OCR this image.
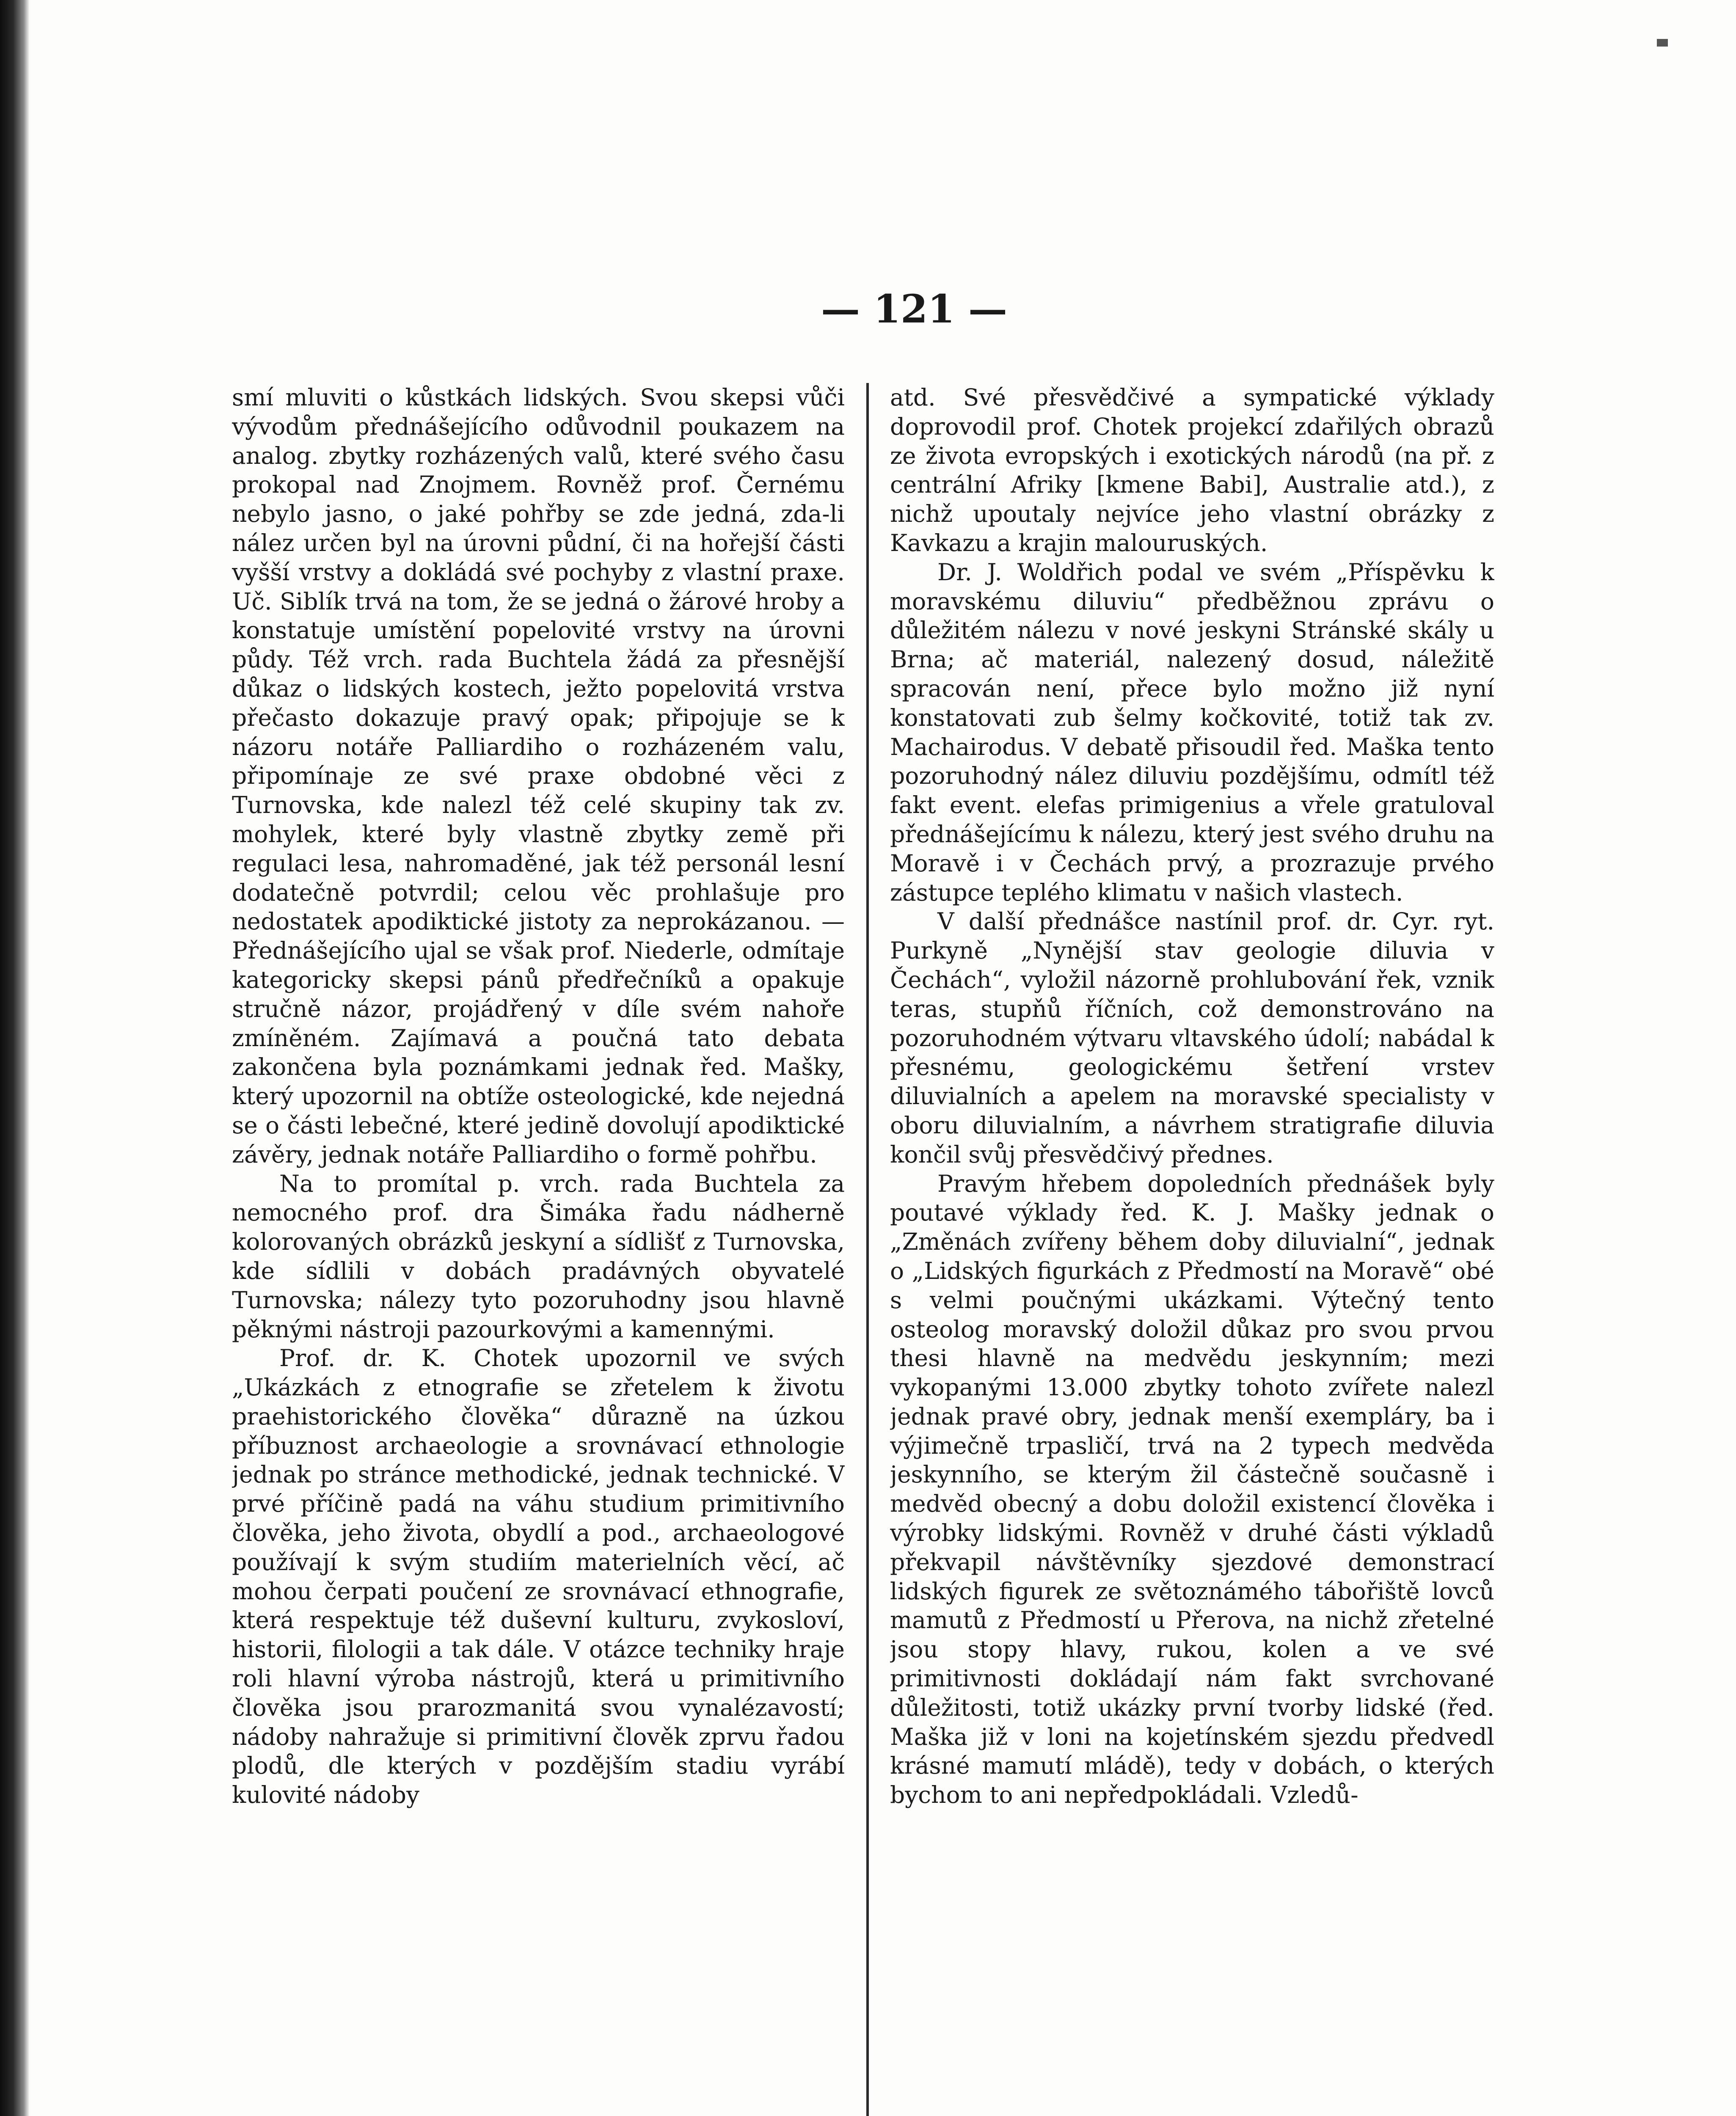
— 121 —

smí mluviti o kůstkách lidských. Svou skepsi vůči vývodům přednášejícího odůvodnil poukazem na analog. zbytky rozházených valů, které svého času prokopal nad Znojmem. Rovněž prof. Černému nebylo jasno, o jaké pohřby se zde jedná, zda-li nález určen byl na úrovni půdní, či na hořejší části vyšší vrstvy a dokládá své pochyby z vlastní praxe. Uč. Siblík trvá na tom, že se jedná o žárové hroby a konstatuje umístění popelovité vrstvy na úrovni půdy. Též vrch. rada Buchtela žádá za přesnější důkaz o lidských kostech, ježto popelovitá vrstva přečasto dokazuje pravý opak; připojuje se k názoru notáře Palliardiho o rozházeném valu, připomínaje ze své praxe obdobné věci z Turnovska, kde nalezl též celé skupiny tak zv. mohylek, které byly vlastně zbytky země při regulaci lesa, nahromaděné, jak též personál lesní dodatečně potvrdil; celou věc prohlašuje pro nedostatek apodiktické jistoty za neprokázanou. — Přednášejícího ujal se však prof. Niederle, odmítaje kategoricky skepsi pánů předřečníků a opakuje stručně názor, projádřený v díle svém nahoře zmíněném. Zajímavá a poučná tato debata zakončena byla poznámkami jednak řed. Mašky, který upozornil na obtíže osteologické, kde nejedná se o části lebečné, které jedině dovolují apodiktické závěry, jednak notáře Palliardiho o formě pohřbu.

Na to promítal p. vrch. rada Buchtela za nemocného prof. dra Šimáka řadu nádherně kolorovaných obrázků jeskyní a sídlišť z Turnovska, kde sídlili v dobách pradávných obyvatelé Turnovska; nálezy tyto pozoruhodny jsou hlavně pěknými nástroji pazourkovými a kamennými.

Prof. dr. K. Chotek upozornil ve svých „Ukázkách z etnografie se zřetelem k životu praehistorického člověka“ důrazně na úzkou příbuznost archaeologie a srovnávací ethnologie jednak po stránce methodické, jednak technické. V prvé příčině padá na váhu studium primitivního člověka, jeho života, obydlí a pod., archaeologové používají k svým studiím materielních věcí, ač mohou čerpati poučení ze srovnávací ethnografie, která respektuje též duševní kulturu, zvykosloví, historii, filologii a tak dále. V otázce techniky hraje roli hlavní výroba nástrojů, která u primitivního člověka jsou prarozmanitá svou vynalézavostí; nádoby nahražuje si primitivní člověk zprvu řadou plodů, dle kterých v pozdějším stadiu vyrábí kulovité nádoby

atd. Své přesvědčivé a sympatické výklady doprovodil prof. Chotek projekcí zdařilých obrazů ze života evropských i exotických národů (na př. z centrální Afriky [kmene Babi], Australie atd.), z nichž upoutaly nejvíce jeho vlastní obrázky z Kavkazu a krajin malouruských.

Dr. J. Woldřich podal ve svém „Příspěvku k moravskému diluviu“ předběžnou zprávu o důležitém nálezu v nové jeskyni Stránské skály u Brna; ač materiál, nalezený dosud, náležitě spracován není, přece bylo možno již nyní konstatovati zub šelmy kočkovité, totiž tak zv. Machairodus. V debatě přisoudil řed. Maška tento pozoruhodný nález diluviu pozdějšímu, odmítl též fakt event. elefas primigenius a vřele gratuloval přednášejícímu k nálezu, který jest svého druhu na Moravě i v Čechách prvý, a prozrazuje prvého zástupce teplého klimatu v našich vlastech.

V další přednášce nastínil prof. dr. Cyr. ryt. Purkyně „Nynější stav geologie diluvia v Čechách“, vyložil názorně prohlubování řek, vznik teras, stupňů říčních, což demonstrováno na pozoruhodném výtvaru vltavského údolí; nabádal k přesnému, geologickému šetření vrstev diluvialních a apelem na moravské specialisty v oboru diluvialním, a návrhem stratigrafie diluvia končil svůj přesvědčivý přednes.

Pravým hřebem dopoledních přednášek byly poutavé výklady řed. K. J. Mašky jednak o „Změnách zvířeny během doby diluvialní“, jednak o „Lidských figurkách z Předmostí na Moravě“ obé s velmi poučnými ukázkami. Výtečný tento osteolog moravský doložil důkaz pro svou prvou thesi hlavně na medvědu jeskynním; mezi vykopanými 13.000 zbytky tohoto zvířete nalezl jednak pravé obry, jednak menší exempláry, ba i výjimečně trpasličí, trvá na 2 typech medvěda jeskynního, se kterým žil částečně současně i medvěd obecný a dobu doložil existencí člověka i výrobky lidskými. Rovněž v druhé části výkladů překvapil návštěvníky sjezdové demonstrací lidských figurek ze světoznámého tábořiště lovců mamutů z Předmostí u Přerova, na nichž zřetelné jsou stopy hlavy, rukou, kolen a ve své primitivnosti dokládají nám fakt svrchované důležitosti, totiž ukázky první tvorby lidské (řed. Maška již v loni na kojetínském sjezdu předvedl krásné mamutí mládě), tedy v dobách, o kterých bychom to ani nepředpokládali. Vzledů-
